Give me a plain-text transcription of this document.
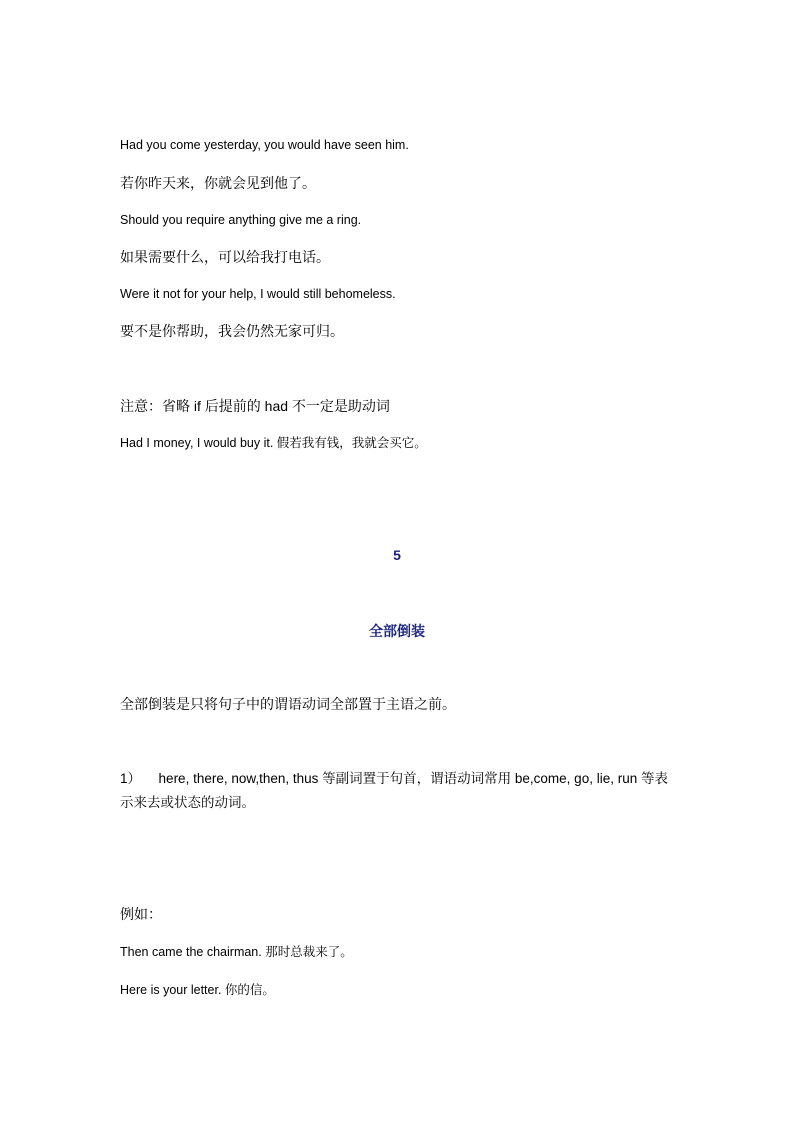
Had you come yesterday, you would have seen him.
若你昨天来，你就会见到他了。
Should you require anything give me a ring.
如果需要什么，可以给我打电话。
Were it not for your help, I would still behomeless.
要不是你帮助，我会仍然无家可归。
注意：省略 if 后提前的 had 不一定是助动词
Had I money, I would buy it. 假若我有钱，我就会买它。
5
全部倒装
全部倒装是只将句子中的谓语动词全部置于主语之前。
1） here, there, now,then, thus 等副词置于句首，谓语动词常用 be,come, go, lie, run 等表示来去或状态的动词。
例如：
Then came the chairman. 那时总裁来了。
Here is your letter. 你的信。
